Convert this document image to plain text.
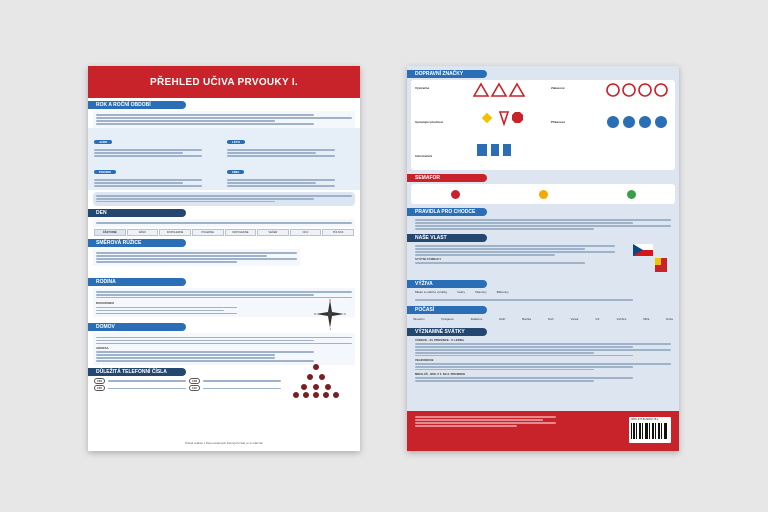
PŘEHLED UČIVA PRVOUKY I.
ROK A ROČNÍ OBDOBÍ
JARO	LÉTO
PODZIM	ZIMA
DEN
ČÁSTI DNE	RÁNO	DOPOLEDNE	POLEDNE	ODPOLEDNE	VEČER	NOC	PŮLNOC
SMĚROVÁ RŮŽICE
S
J
V
Z
RODINA
RODOKMEN
DOMOV
ADRESA
DŮLEŽITÁ TELEFONNÍ ČÍSLA
150	158
155	112
Pokud voláme z čísel uvedených tísňových čísel, je to zdarma!
DOPRAVNÍ ZNAČKY
Výstražné
Upravující přednost
Informativní
Zákazové
Příkazové
SEMAFOR
PRAVIDLA PRO CHODCE
NAŠE VLAST
STÁTNÍ SYMBOLY
VÝŽIVA
Mléko a mléčné výrobky	Cukry	Vitamíny	Bílkoviny
POČASÍ
Slunečno	Polojasno	Zataženo	Déšť	Bouřka	Sníh	Vánek	Vítr	Vichřice	Mlha	Duha
VÝZNAMNÉ SVÁTKY
VÁNOCE - 24. PROSINCE - 6. LEDNA
VELIKONOCE
MIKULÁŠ - NOC Z 5. NA 6. PROSINCE
ISBN: 978-80-88400-78-4
